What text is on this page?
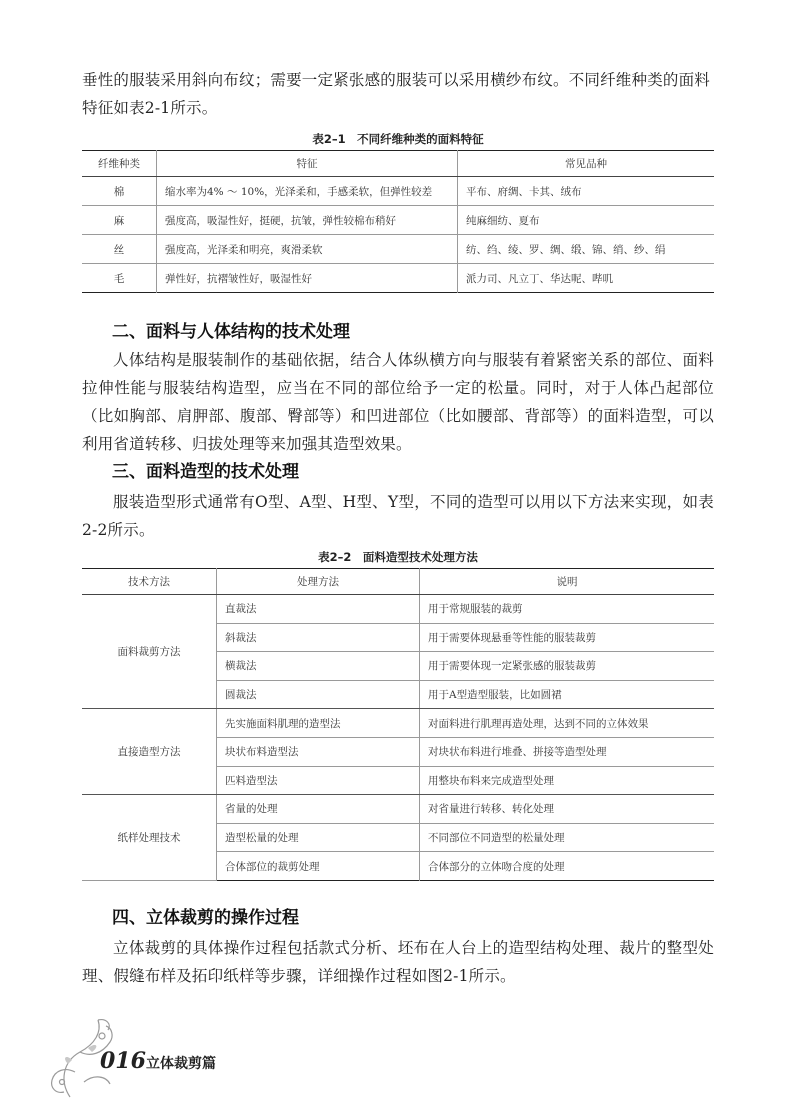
垂性的服装采用斜向布纹；需要一定紧张感的服装可以采用横纱布纹。不同纤维种类的面料
特征如表2-1所示。

表2–1　不同纤维种类的面料特征

纤维种类	特征	常见品种
棉	缩水率为4% ～ 10%，光泽柔和，手感柔软，但弹性较差	平布、府绸、卡其、绒布
麻	强度高，吸湿性好，挺硬，抗皱，弹性较棉布稍好	纯麻细纺、夏布
丝	强度高，光泽柔和明亮，爽滑柔软	纺、绉、绫、罗、绸、缎、锦、绡、纱、绢
毛	弹性好，抗褶皱性好，吸湿性好	派力司、凡立丁、华达呢、哔叽
二、面料与人体结构的技术处理

人体结构是服装制作的基础依据，结合人体纵横方向与服装有着紧密关系的部位、面料拉伸性能与服装结构造型，应当在不同的部位给予一定的松量。同时，对于人体凸起部位（比如胸部、肩胛部、腹部、臀部等）和凹进部位（比如腰部、背部等）的面料造型，可以利用省道转移、归拔处理等来加强其造型效果。

三、面料造型的技术处理

服装造型形式通常有O型、A型、H型、Y型，不同的造型可以用以下方法来实现，如表2-2所示。

表2–2　面料造型技术处理方法

技术方法	处理方法	说明
面料裁剪方法	直裁法	用于常规服装的裁剪
	斜裁法	用于需要体现悬垂等性能的服装裁剪
	横裁法	用于需要体现一定紧张感的服装裁剪
	圆裁法	用于A型造型服装，比如圆裙
直接造型方法	先实施面料肌理的造型法	对面料进行肌理再造处理，达到不同的立体效果
	块状布料造型法	对块状布料进行堆叠、拼接等造型处理
	匹料造型法	用整块布料来完成造型处理
纸样处理技术	省量的处理	对省量进行转移、转化处理
	造型松量的处理	不同部位不同造型的松量处理
	合体部位的裁剪处理	合体部分的立体吻合度的处理
四、立体裁剪的操作过程

立体裁剪的具体操作过程包括款式分析、坯布在人台上的造型结构处理、裁片的整型处理、假缝布样及拓印纸样等步骤，详细操作过程如图2-1所示。

016 立体裁剪篇
